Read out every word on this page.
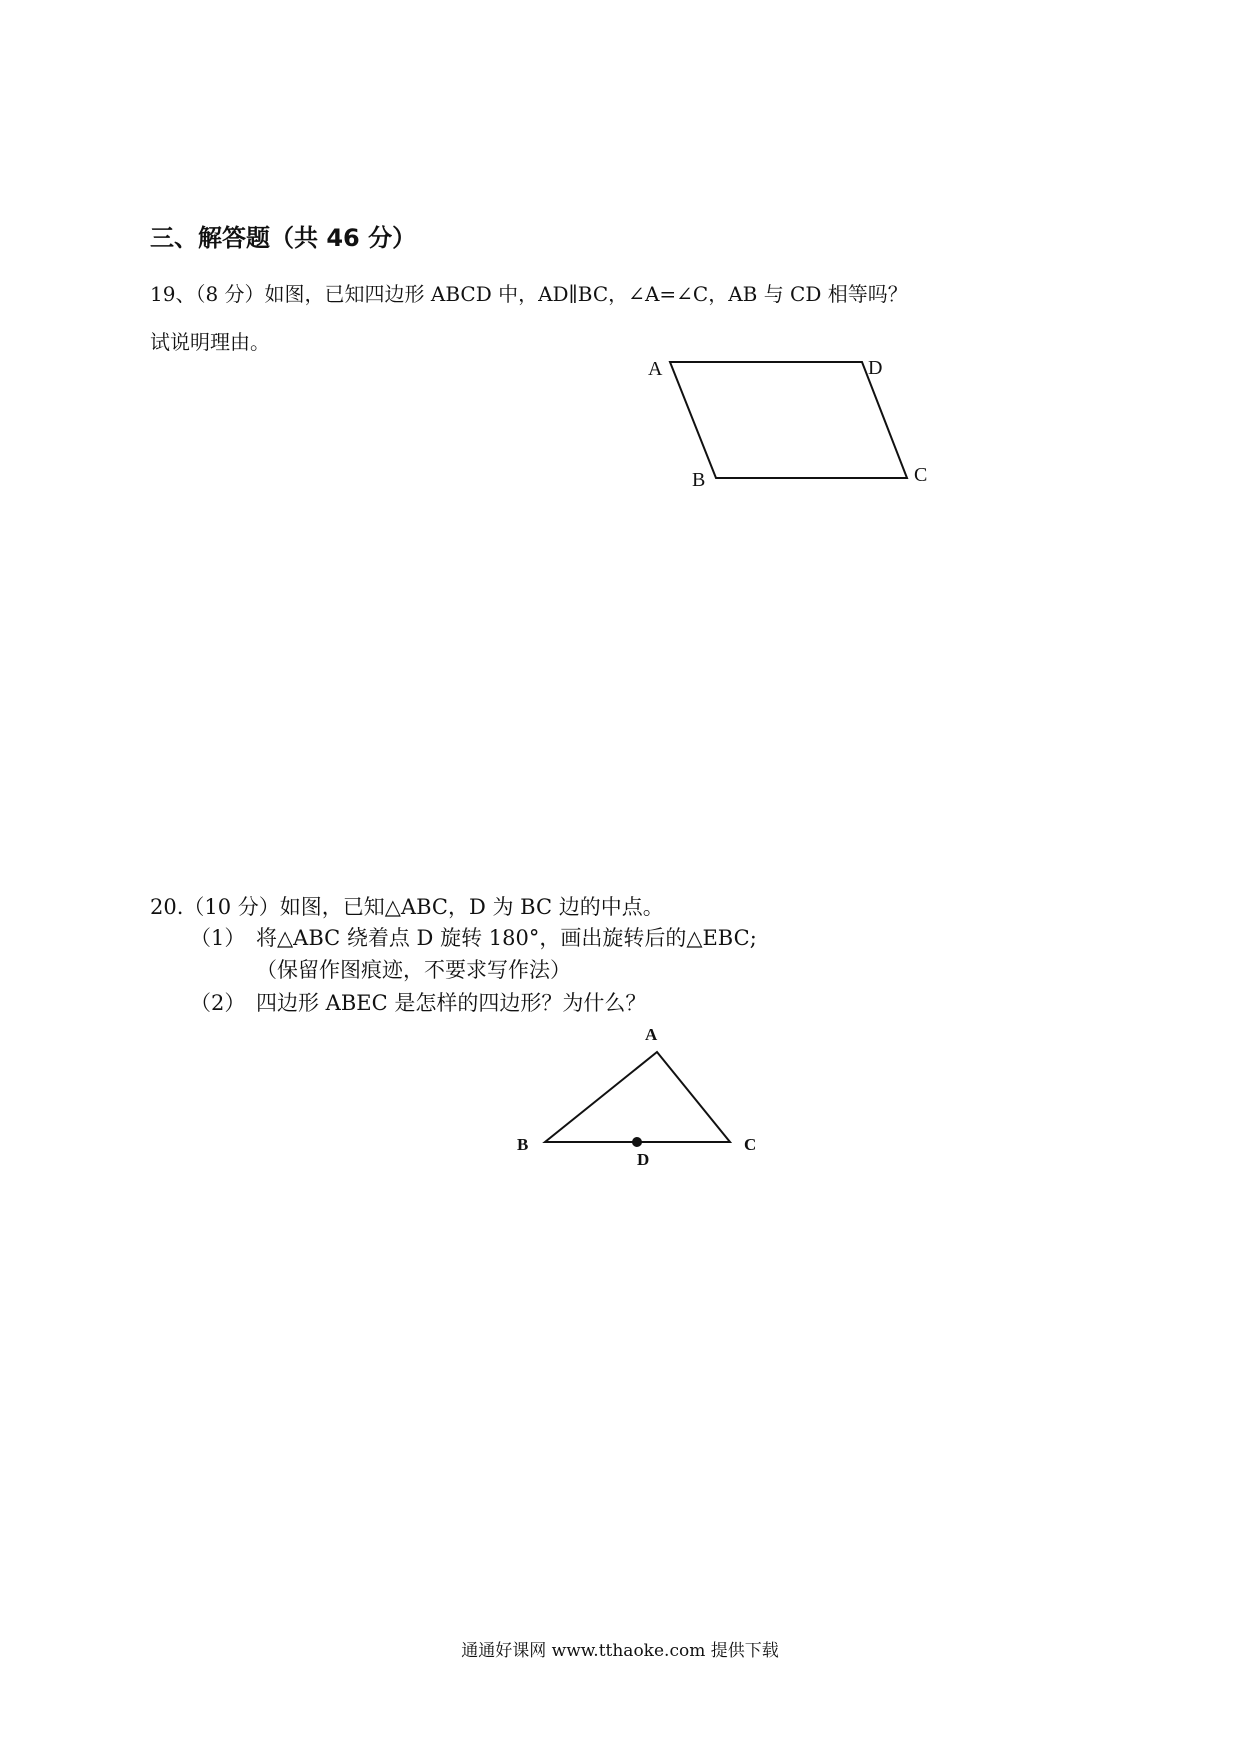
三、解答题（共 46 分）
19、（8 分）如图，已知四边形 ABCD 中，AD∥BC，∠A=∠C，AB 与 CD 相等吗？
试说明理由。
A	D
B	C
A
B	C
D
20.（10 分）如图，已知△ABC，D 为 BC 边的中点。
（1） 将△ABC 绕着点 D 旋转 180°，画出旋转后的△EBC;
（保留作图痕迹，不要求写作法）
（2） 四边形 ABEC 是怎样的四边形？为什么？
通通好课网 www.tthaoke.com 提供下载
